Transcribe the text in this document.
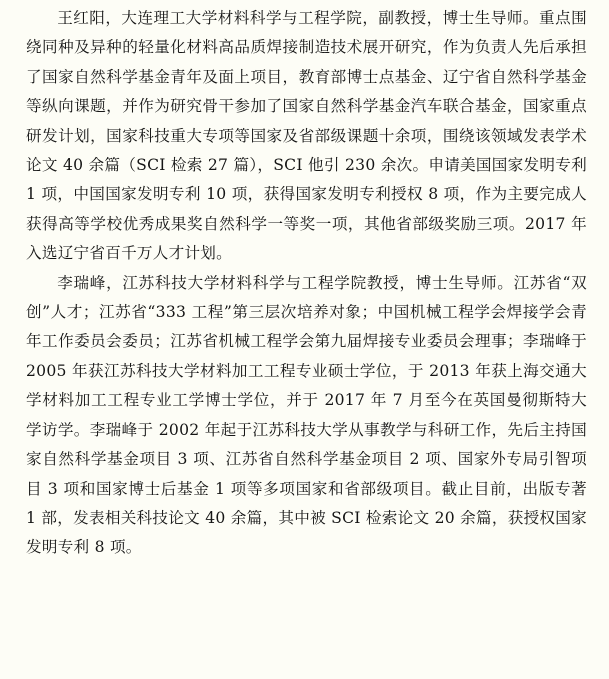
王红阳，大连理工大学材料科学与工程学院，副教授，博士生导师。重点围绕同种及异种的轻量化材料高品质焊接制造技术展开研究，作为负责人先后承担了国家自然科学基金青年及面上项目，教育部博士点基金、辽宁省自然科学基金等纵向课题，并作为研究骨干参加了国家自然科学基金汽车联合基金，国家重点研发计划，国家科技重大专项等国家及省部级课题十余项，围绕该领域发表学术论文 40 余篇（SCI 检索 27 篇），SCI 他引 230 余次。申请美国国家发明专利 1 项，中国国家发明专利 10 项，获得国家发明专利授权 8 项，作为主要完成人获得高等学校优秀成果奖自然科学一等奖一项，其他省部级奖励三项。2017 年入选辽宁省百千万人才计划。

李瑞峰，江苏科技大学材料科学与工程学院教授，博士生导师。江苏省“双创”人才；江苏省“333 工程”第三层次培养对象；中国机械工程学会焊接学会青年工作委员会委员；江苏省机械工程学会第九届焊接专业委员会理事；李瑞峰于 2005 年获江苏科技大学材料加工工程专业硕士学位，于 2013 年获上海交通大学材料加工工程专业工学博士学位，并于 2017 年 7 月至今在英国曼彻斯特大学访学。李瑞峰于 2002 年起于江苏科技大学从事教学与科研工作，先后主持国家自然科学基金项目 3 项、江苏省自然科学基金项目 2 项、国家外专局引智项目 3 项和国家博士后基金 1 项等多项国家和省部级项目。截止目前，出版专著 1 部，发表相关科技论文 40 余篇，其中被 SCI 检索论文 20 余篇，获授权国家发明专利 8 项。
